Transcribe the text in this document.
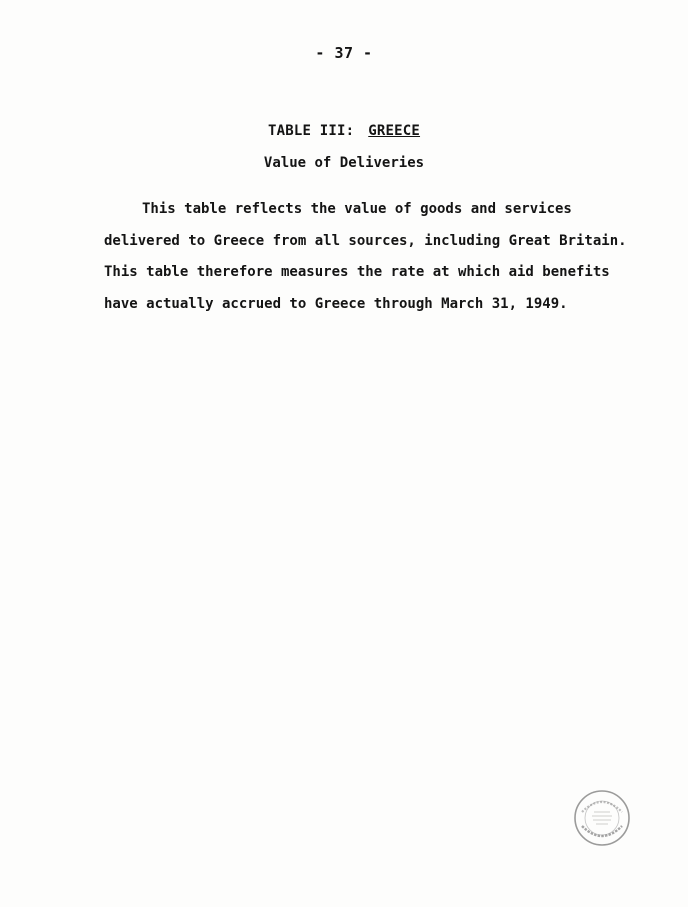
- 37 -
TABLE III: GREECE
Value of Deliveries
This table reflects the value of goods and services
delivered to Greece from all sources, including Great Britain.
This table therefore measures the rate at which aid benefits
have actually accrued to Greece through March 31, 1949.
